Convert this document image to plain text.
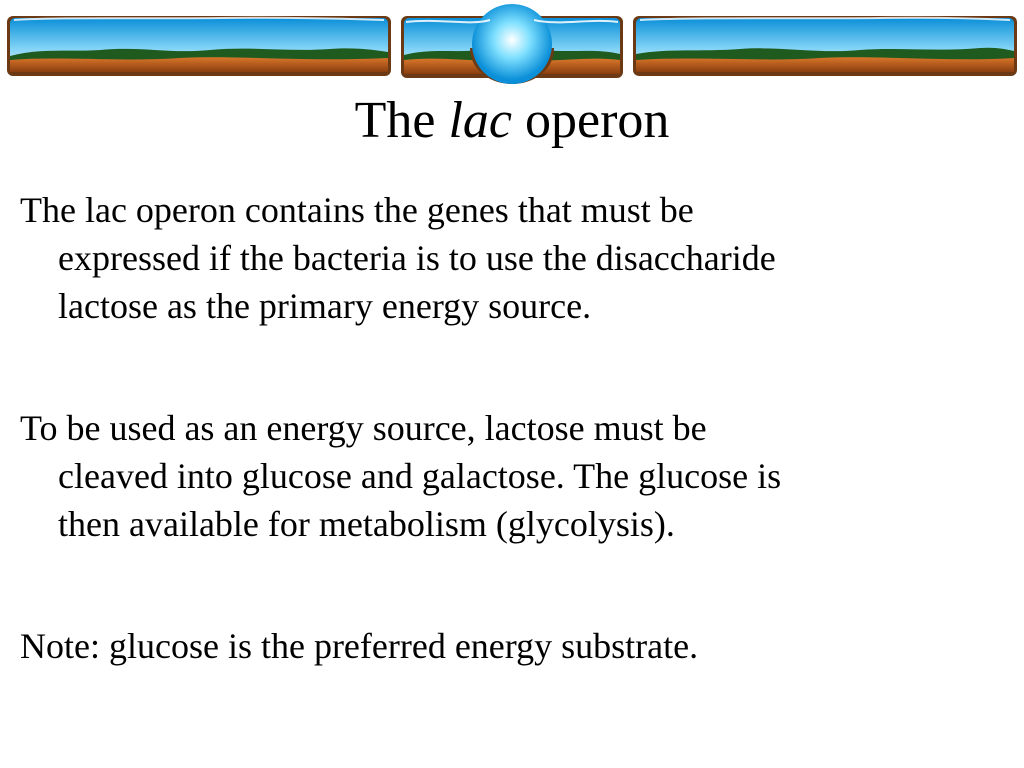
The lac operon
The lac operon contains the genes that must be
expressed if the bacteria is to use the disaccharide
lactose as the primary energy source.
To be used as an energy source, lactose must be
cleaved into glucose and galactose. The glucose is
then available for metabolism (glycolysis).
Note: glucose is the preferred energy substrate.
